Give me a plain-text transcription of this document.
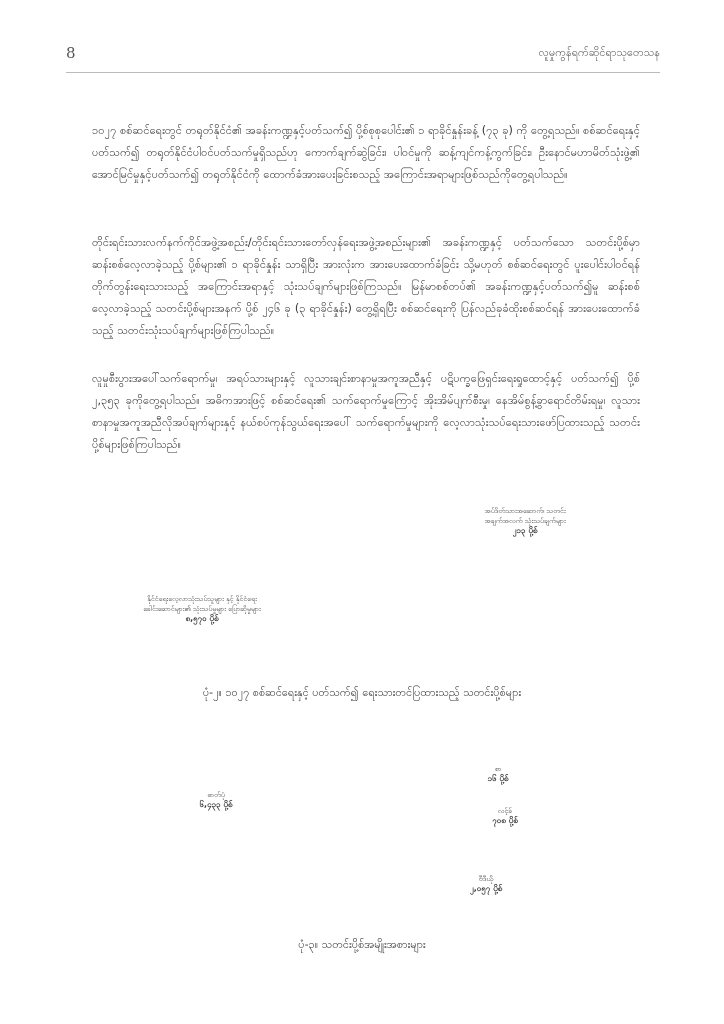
8	လူမှုကွန်ရက်ဆိုင်ရာသုတေသန

၁၀၂၇ စစ်ဆင်ရေးတွင် တရုတ်နိုင်ငံ၏ အခန်းကဏ္ဍနှင့်ပတ်သက်၍ ပို့စ်စုစုပေါင်း၏ ၁ ရာခိုင်နှုန်းခန့် (၇၃ ခု) ကို တွေ့ရသည်။ စစ်ဆင်ရေးနှင့် ပတ်သက်၍ တရုတ်နိုင်ငံပါဝင်ပတ်သက်မှုရှိသည်ဟု ကောက်ချက်ဆွဲခြင်း၊ ပါဝင်မှုကို ဆန့်ကျင်ကန့်ကွက်ခြင်း၊ ဦးနောင်မဟာမိတ်သုံးဖွဲ့၏ အောင်မြင်မှုနှင့်ပတ်သက်၍ တရုတ်နိုင်ငံကို ထောက်ခံအားပေးခြင်းစသည့် အကြောင်းအရာများဖြစ်သည်ကိုတွေ့ရပါသည်။

တိုင်းရင်းသားလက်နက်ကိုင်အဖွဲ့အစည်း/တိုင်းရင်းသားတော်လှန်ရေးအဖွဲ့အစည်းများ၏ အခန်းကဏ္ဍနှင့် ပတ်သက်သော သတင်းပို့စ်မှာ ဆန်းစစ်လေ့လာခဲ့သည့် ပို့စ်များ၏ ၁ ရာခိုင်နှုန်း သာရှိပြီး အားလုံးက အားပေးထောက်ခံခြင်း သို့မဟုတ် စစ်ဆင်ရေးတွင် ပူးပေါင်းပါဝင်ရန် တိုက်တွန်းရေးသားသည့် အကြောင်းအရာနှင့် သုံးသပ်ချက်များဖြစ်ကြသည်။ မြန်မာစစ်တပ်၏ အခန်းကဏ္ဍနှင့်ပတ်သက်၍မူ ဆန်းစစ်လေ့လာခဲ့သည့် သတင်းပို့စ်များအနက် ပို့စ် ၂၄၆ ခု (၃ ရာခိုင်နှုန်း) တွေ့ရှိရပြီး စစ်ဆင်ရေးကို ပြန်လည်ခုခံထိုးစစ်ဆင်ရန် အားပေးထောက်ခံသည့် သတင်းသုံးသပ်ချက်များဖြစ်ကြပါသည်။

လူမှုစီးပွားအပေါ်သက်ရောက်မှု၊ အရပ်သားများနှင့် လူသားချင်းစာနာမှုအကူအညီနှင့် ပဋိပက္ခဖြေရှင်းရေးရှုထောင့်နှင့် ပတ်သက်၍ ပို့စ် ၂,၃၅၃ ခုကိုတွေ့ရပါသည်။ အဓိကအားဖြင့် စစ်ဆင်ရေး၏ သက်ရောက်မှုကြောင့် အိုးအိမ်ပျက်စီးမှု၊ နေအိမ်စွန့်ခွာရောင်တိမ်းရမှု၊ လူသားစာနာမှုအကူအညီလိုအပ်ချက်များနှင့် နယ်စပ်ကုန်သွယ်ရေးအပေါ် သက်ရောက်မှုများကို လေ့လာသုံးသပ်ရေးသားဖော်ပြထားသည့် သတင်းပို့စ်များဖြစ်ကြပါသည်။

အပ်ဒိတ်သားအဆောက်၊ သတင်းအချက်အလက် သုံးသပ်ချက်များ
၂၁၃ ပို့စ်
နိုင်ငံရေးလေ့လာသုံးသပ်သူများ နှင့် နိုင်ငံရေးခေါင်းဆောင်များ၏ သုံးသပ်မှုများ ပြောဆိုမှုများ
၈,၅၇၀ ပို့စ်
ပုံ-၂။ ၁၀၂၇ စစ်ဆင်ရေးနှင့် ပတ်သက်၍ ရေးသားတင်ပြထားသည့် သတင်းပို့စ်များ
စာ
၁၆ ပို့စ်
လင့်ခ်
၇၀၈ ပို့စ်
ဗီဒီယို
၂,၀၅၇ ပို့စ်
ဓာတ်ပုံ
၆,၄၃၃ ပို့စ်
ပုံ-၃။ သတင်းပို့စ်အမျိုးအစားများ
